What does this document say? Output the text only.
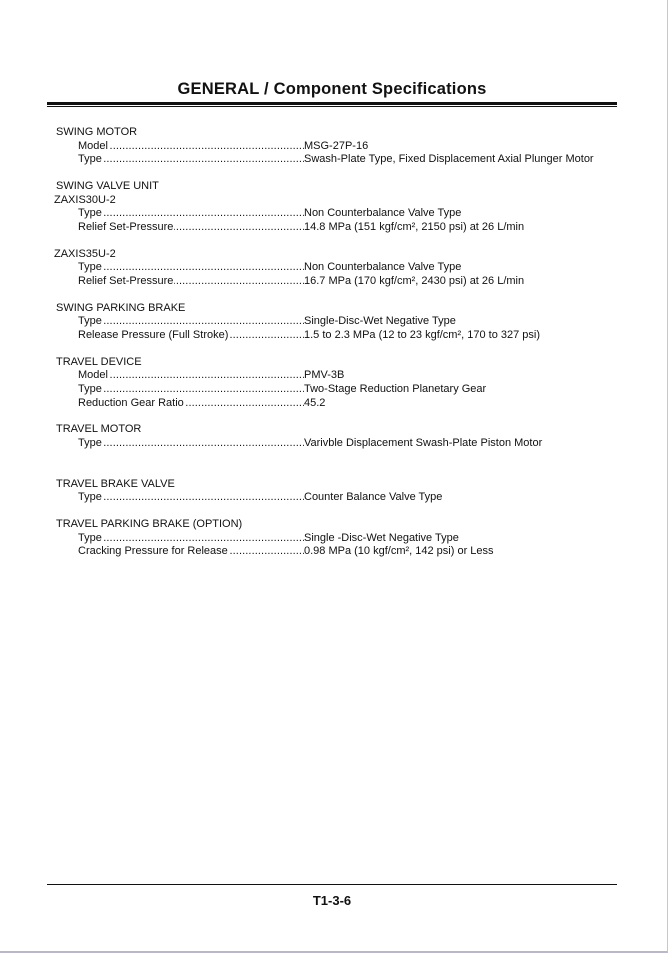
GENERAL / Component Specifications
SWING MOTOR
.....
Model	MSG-27P-16
.....
Type	Swash-Plate Type, Fixed Displacement Axial Plunger Motor
SWING VALVE UNIT
ZAXIS30U-2
.....
Type	Non Counterbalance Valve Type
.....
Relief Set-Pressure	14.8 MPa (151 kgf/cm², 2150 psi) at 26 L/min
ZAXIS35U-2
.....
Type	Non Counterbalance Valve Type
.....
Relief Set-Pressure	16.7 MPa (170 kgf/cm², 2430 psi) at 26 L/min
SWING PARKING BRAKE
.....
Type	Single-Disc-Wet Negative Type
.....
Release Pressure (Full Stroke)	1.5 to 2.3 MPa (12 to 23 kgf/cm², 170 to 327 psi)
TRAVEL DEVICE
.....
Model	PMV-3B
.....
Type	Two-Stage Reduction Planetary Gear
.....
Reduction Gear Ratio	45.2
TRAVEL MOTOR
.....
Type	Varivble Displacement Swash-Plate Piston Motor
TRAVEL BRAKE VALVE
.....
Type	Counter Balance Valve Type
TRAVEL PARKING BRAKE (OPTION)
.....
Type	Single -Disc-Wet Negative Type
.....
Cracking Pressure for Release	0.98 MPa (10 kgf/cm², 142 psi) or Less
T1-3-6
